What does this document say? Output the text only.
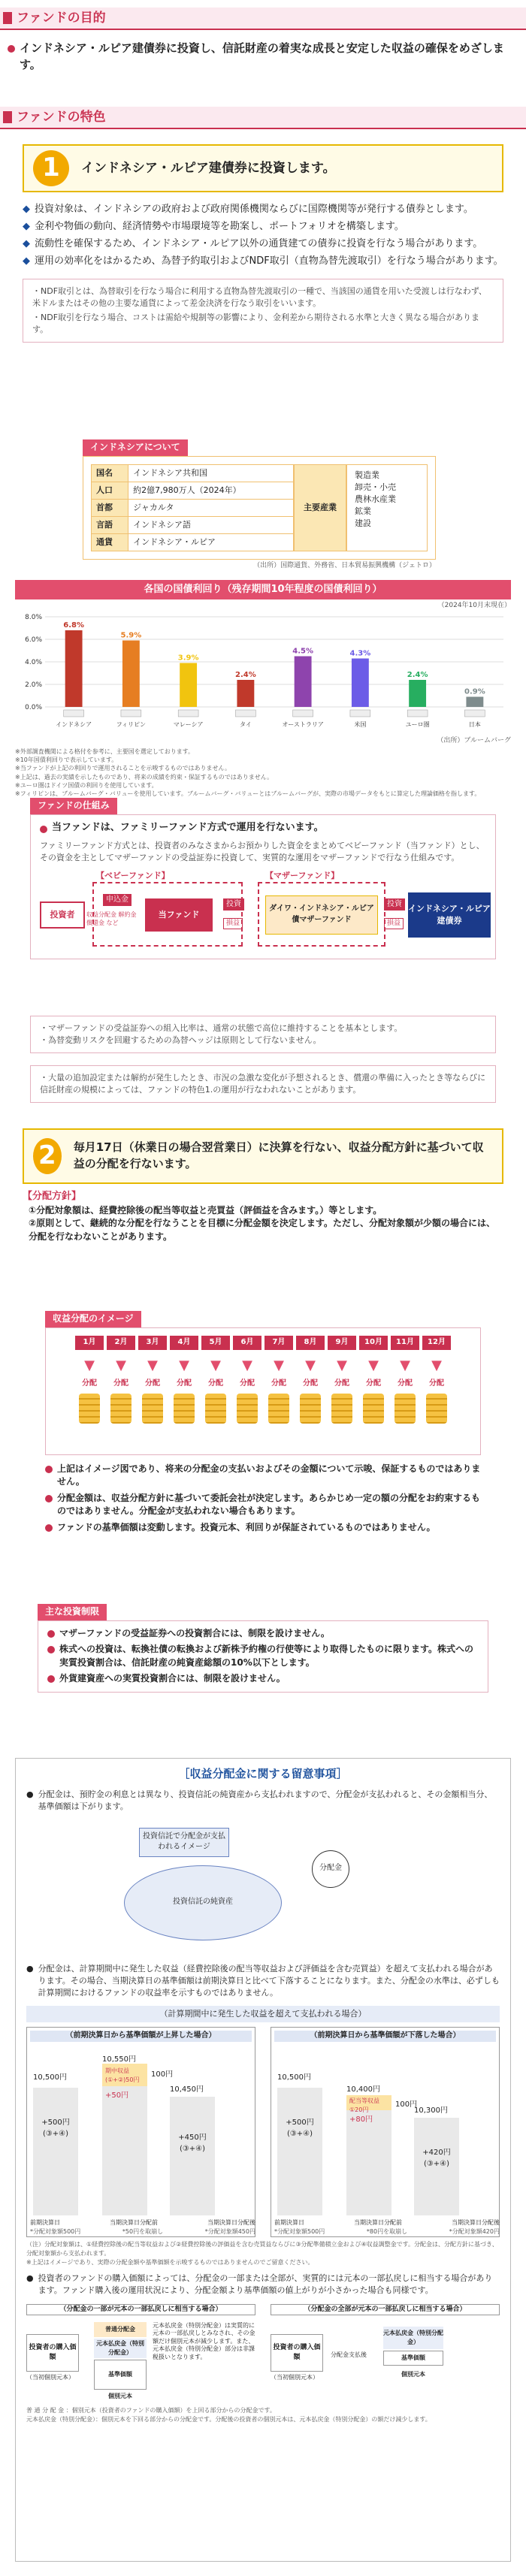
ファンドの目的
インドネシア・ルピア建債券に投資し、信託財産の着実な成長と安定した収益の確保をめざします。
ファンドの特色
1	インドネシア・ルピア建債券に投資します。
◆ 投資対象は、インドネシアの政府および政府関係機関ならびに国際機関等が発行する債券とします。
◆ 金利や物価の動向、経済情勢や市場環境等を勘案し、ポートフォリオを構築します。
◆ 流動性を確保するため、インドネシア・ルピア以外の通貨建ての債券に投資を行なう場合があります。
◆ 運用の効率化をはかるため、為替予約取引およびNDF取引（直物為替先渡取引）を行なう場合があります。

・NDF取引とは、為替取引を行なう場合に利用する直物為替先渡取引の一種で、当該国の通貨を用いた受渡しは行なわず、米ドルまたはその他の主要な通貨によって差金決済を行なう取引をいいます。

・NDF取引を行なう場合、コストは需給や規制等の影響により、金利差から期待される水準と大きく異なる場合があります。

インドネシアについて
国名	インドネシア共和国
人口	約2億7,980万人（2024年）
首都	ジャカルタ
言語	インドネシア語
通貨	インドネシア・ルピア
主要産業
製造業
卸売・小売
農林水産業
鉱業
建設
（出所）国際通貨、外務省、日本貿易振興機構（ジェトロ）
各国の国債利回り（残存期間10年程度の国債利回り）
（2024年10月末現在）
0.0%
2.0%
4.0%
6.0%
8.0%
6.8%
インドネシア
5.9%
フィリピン
3.9%
マレーシア
2.4%
タイ
4.5%
オーストラリア
4.3%
米国
2.4%
ユーロ圏
0.9%
日本
（出所）ブルームバーグ
※外部調査機関による格付を参考に、主要国を選定しております。
※10年国債利回りで表示しています。
※当ファンドが上記の利回りで運用されることを示唆するものではありません。
※上記は、過去の実績を示したものであり、将来の成績を約束・保証するものではありません。
※ユーロ圏はドイツ国債の利回りを使用しています。
※フィリピンは、ブルームバーグ・バリューを使用しています。ブルームバーグ・バリューとはブルームバーグが、実際の市場データをもとに算定した理論価格を指します。
ファンドの仕組み
当ファンドは、ファミリーファンド方式で運用を行ないます。
ファミリーファンド方式とは、投資者のみなさまからお預かりした資金をまとめてベビーファンド（当ファンド）とし、その資金を主としてマザーファンドの受益証券に投資して、実質的な運用をマザーファンドで行なう仕組みです。
【ベビーファンド】	【マザーファンド】
投資者	当ファンド
ダイワ・インドネシア・ルピア債マザーファンド
インドネシア・ルピア建債券
申込金
収益分配金 解約金 償還金 など
投資
損益
投資
損益

・マザーファンドの受益証券への組入比率は、通常の状態で高位に維持することを基本とします。

・為替変動リスクを回避するための為替ヘッジは原則として行ないません。

・大量の追加設定または解約が発生したとき、市況の急激な変化が予想されるとき、償還の準備に入ったとき等ならびに信託財産の規模によっては、ファンドの特色1.の運用が行なわれないことがあります。

2	毎月17日（休業日の場合翌営業日）に決算を行ない、収益分配方針に基づいて収益の分配を行ないます。
【分配方針】

①分配対象額は、経費控除後の配当等収益と売買益（評価益を含みます。）等とします。

②原則として、継続的な分配を行なうことを目標に分配金額を決定します。ただし、分配対象額が少額の場合には、分配を行なわないことがあります。

収益分配のイメージ
1月
▼
分配
2月
▼
分配
3月
▼
分配
4月
▼
分配
5月
▼
分配
6月
▼
分配
7月
▼
分配
8月
▼
分配
9月
▼
分配
10月
▼
分配
11月
▼
分配
12月
▼
分配
上記はイメージ図であり、将来の分配金の支払いおよびその金額について示唆、保証するものではありません。
分配金額は、収益分配方針に基づいて委託会社が決定します。あらかじめ一定の額の分配をお約束するものではありません。分配金が支払われない場合もあります。
ファンドの基準価額は変動します。投資元本、利回りが保証されているものではありません。
主な投資制限
マザーファンドの受益証券への投資割合には、制限を設けません。
株式への投資は、転換社債の転換および新株予約権の行使等により取得したものに限ります。株式への実質投資割合は、信託財産の純資産総額の10%以下とします。
外貨建資産への実質投資割合には、制限を設けません。
［収益分配金に関する留意事項］
● 分配金は、預貯金の利息とは異なり、投資信託の純資産から支払われますので、分配金が支払われると、その金額相当分、基準価額は下がります。
投資信託で分配金が支払われるイメージ
投資信託の純資産
分配金
● 分配金は、計算期間中に発生した収益（経費控除後の配当等収益および評価益を含む売買益）を超えて支払われる場合があります。その場合、当期決算日の基準価額は前期決算日と比べて下落することになります。また、分配金の水準は、必ずしも計算期間におけるファンドの収益率を示すものではありません。
（計算期間中に発生した収益を超えて支払われる場合）
（前期決算日から基準価額が上昇した場合）
+500円(③+④)
10,500円
10,550円
期中収益(①+②)50円
+50円
100円
10,450円
+450円(③+④)
前期決算日	当期決算日分配前	当期決算日分配後
*分配対象額500円	*50円を取崩し	*分配対象額450円
（前期決算日から基準価額が下落した場合）
+500円(③+④)
10,500円
10,400円
配当等収益①20円
+80円
100円
10,300円
+420円(③+④)
前期決算日	当期決算日分配前	当期決算日分配後
*分配対象額500円	*80円を取崩し	*分配対象額420円
（注）分配対象額は、①経費控除後の配当等収益および②経費控除後の評価益を含む売買益ならびに③分配準備積立金および④収益調整金です。分配金は、分配方針に基づき、分配対象額から支払われます。
※上記はイメージであり、実際の分配金額や基準価額を示唆するものではありませんのでご留意ください。
● 投資者のファンドの購入価額によっては、分配金の一部または全部が、実質的には元本の一部払戻しに相当する場合があります。ファンド購入後の運用状況により、分配金額より基準価額の値上がりが小さかった場合も同様です。
（分配金の一部が元本の一部払戻しに相当する場合）
投資者の購入価額
（当初個別元本）
普通分配金
元本払戻金（特別分配金）
基準価額
個別元本
元本払戻金（特別分配金）は実質的に元本の一部払戻しとみなされ、その金額だけ個別元本が減少します。また、元本払戻金（特別分配金）部分は非課税扱いとなります。
（分配金の全部が元本の一部払戻しに相当する場合）
投資者の購入価額
（当初個別元本）
分配金支払後
元本払戻金（特別分配金）
基準価額
個別元本
普 通 分 配 金 ：個別元本（投資者のファンドの購入価額）を上回る部分からの分配金です。
元本払戻金（特別分配金）：個別元本を下回る部分からの分配金です。分配後の投資者の個別元本は、元本払戻金（特別分配金）の額だけ減少します。
